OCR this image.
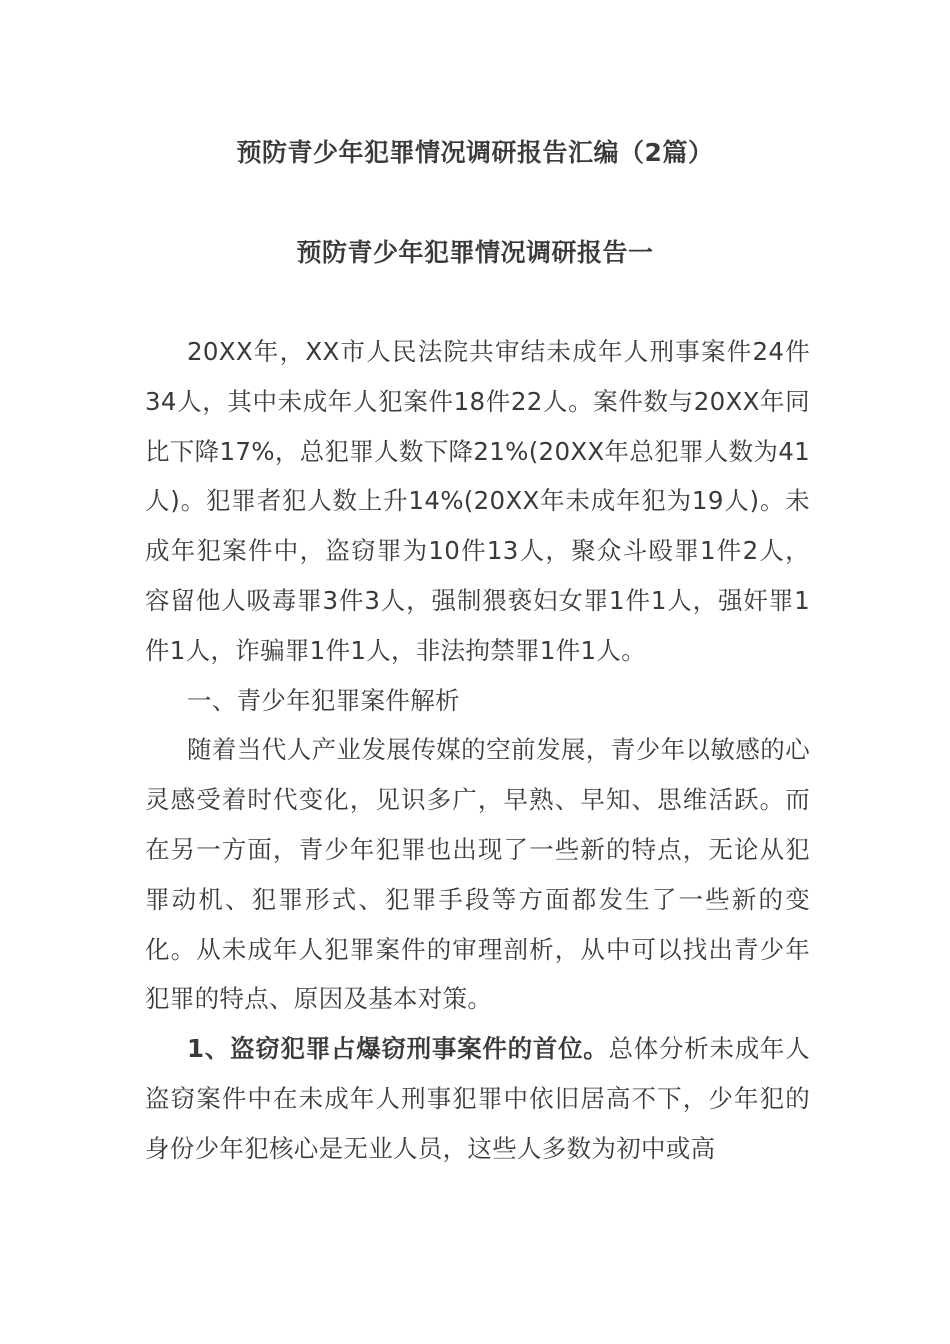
预防青少年犯罪情况调研报告汇编（2篇）
预防青少年犯罪情况调研报告一

20XX年，XX市人民法院共审结未成年人刑事案件24件34人，其中未成年人犯案件18件22人。案件数与20XX年同比下降17%，总犯罪人数下降21%(20XX年总犯罪人数为41人)。犯罪者犯人数上升14%(20XX年未成年犯为19人)。未成年犯案件中，盗窃罪为10件13人，聚众斗殴罪1件2人，容留他人吸毒罪3件3人，强制猥亵妇女罪1件1人，强奸罪1件1人，诈骗罪1件1人，非法拘禁罪1件1人。

一、青少年犯罪案件解析

随着当代人产业发展传媒的空前发展，青少年以敏感的心灵感受着时代变化，见识多广，早熟、早知、思维活跃。而在另一方面，青少年犯罪也出现了一些新的特点，无论从犯罪动机、犯罪形式、犯罪手段等方面都发生了一些新的变化。从未成年人犯罪案件的审理剖析，从中可以找出青少年犯罪的特点、原因及基本对策。

1、盗窃犯罪占爆窃刑事案件的首位。总体分析未成年人盗窃案件中在未成年人刑事犯罪中依旧居高不下，少年犯的身份少年犯核心是无业人员，这些人多数为初中或高
